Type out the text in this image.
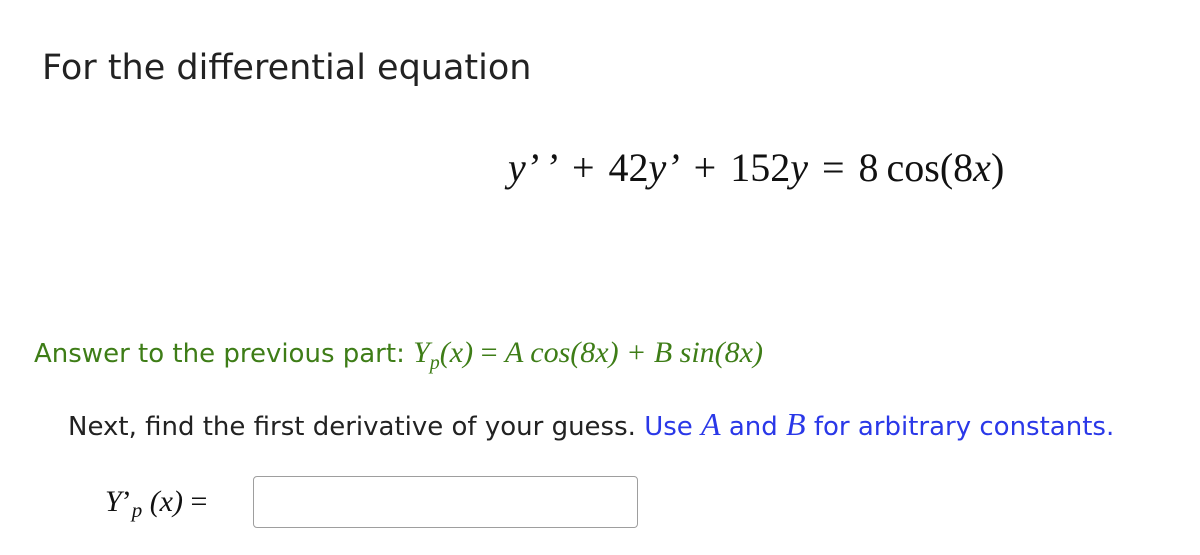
For the differential equation
y’ ’ + 42y’ + 152y = 8 cos(8x)
Answer to the previous part: $Y_p(x) = A$ cos(8x) + B sin(8x)
Next, find the first derivative of your guess. Use A and B for arbitrary constants.
$Y’_p$ (x) =
